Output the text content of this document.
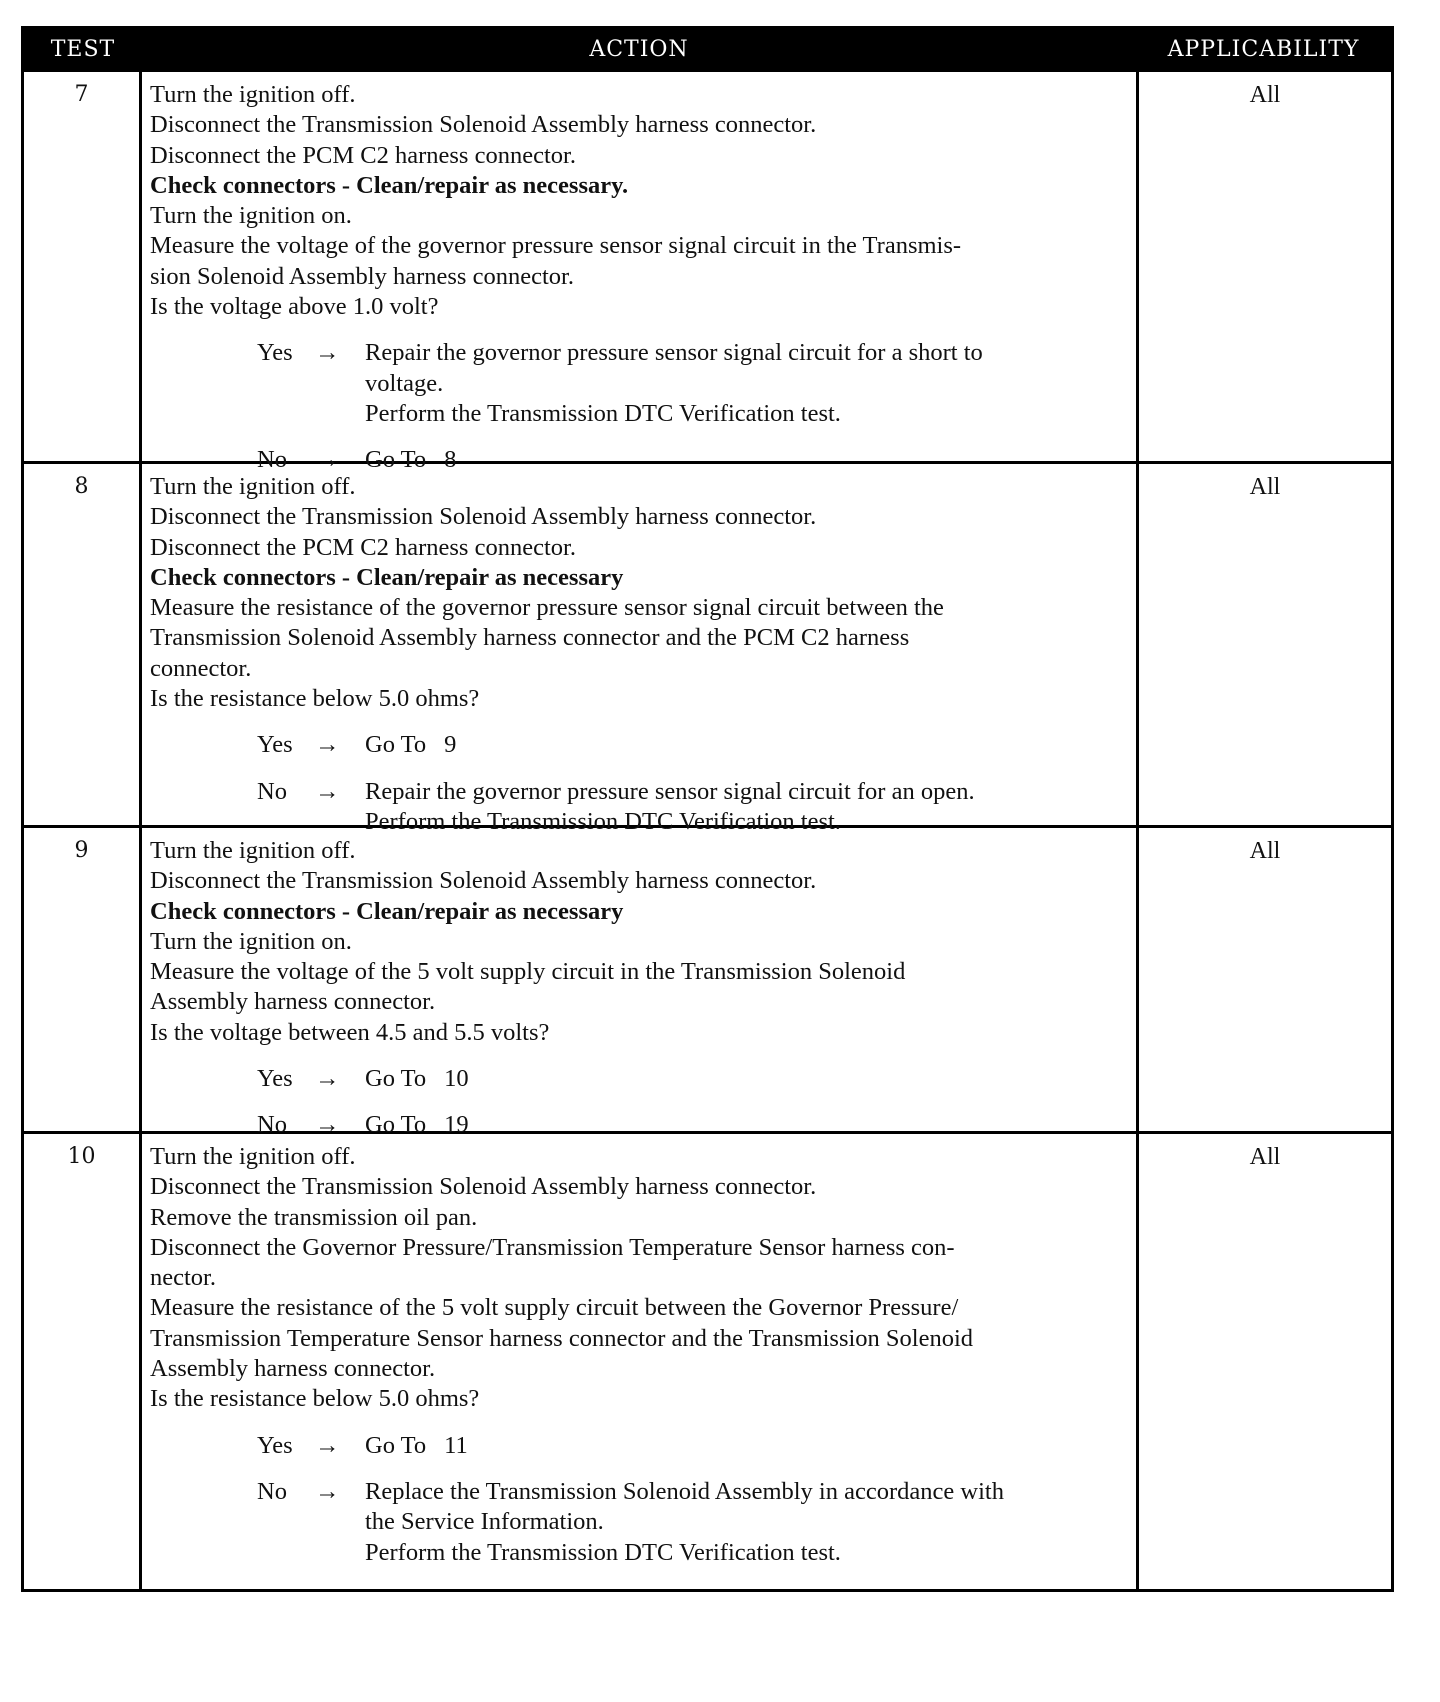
TEST	ACTION	APPLICABILITY
7	Turn the ignition off.
Disconnect the Transmission Solenoid Assembly harness connector.
Disconnect the PCM C2 harness connector.
Check connectors - Clean/repair as necessary.
Turn the ignition on.
Measure the voltage of the governor pressure sensor signal circuit in the Transmis-
sion Solenoid Assembly harness connector.
Is the voltage above 1.0 volt?
Yes →	Repair the governor pressure sensor signal circuit for a short to
voltage.
Perform the Transmission DTC Verification test.
No	→	Go To 8
All
8	Turn the ignition off.
Disconnect the Transmission Solenoid Assembly harness connector.
Disconnect the PCM C2 harness connector.
Check connectors - Clean/repair as necessary
Measure the resistance of the governor pressure sensor signal circuit between the
Transmission Solenoid Assembly harness connector and the PCM C2 harness
connector.
Is the resistance below 5.0 ohms?
Yes →	Go To 9
No	→	Repair the governor pressure sensor signal circuit for an open.
Perform the Transmission DTC Verification test.
All
9	Turn the ignition off.
Disconnect the Transmission Solenoid Assembly harness connector.
Check connectors - Clean/repair as necessary
Turn the ignition on.
Measure the voltage of the 5 volt supply circuit in the Transmission Solenoid
Assembly harness connector.
Is the voltage between 4.5 and 5.5 volts?
Yes →	Go To 10
No	→	Go To 19
All
10	Turn the ignition off.
Disconnect the Transmission Solenoid Assembly harness connector.
Remove the transmission oil pan.
Disconnect the Governor Pressure/Transmission Temperature Sensor harness con-
nector.
Measure the resistance of the 5 volt supply circuit between the Governor Pressure/
Transmission Temperature Sensor harness connector and the Transmission Solenoid
Assembly harness connector.
Is the resistance below 5.0 ohms?
Yes →	Go To 11
No	→	Replace the Transmission Solenoid Assembly in accordance with
the Service Information.
Perform the Transmission DTC Verification test.
All
